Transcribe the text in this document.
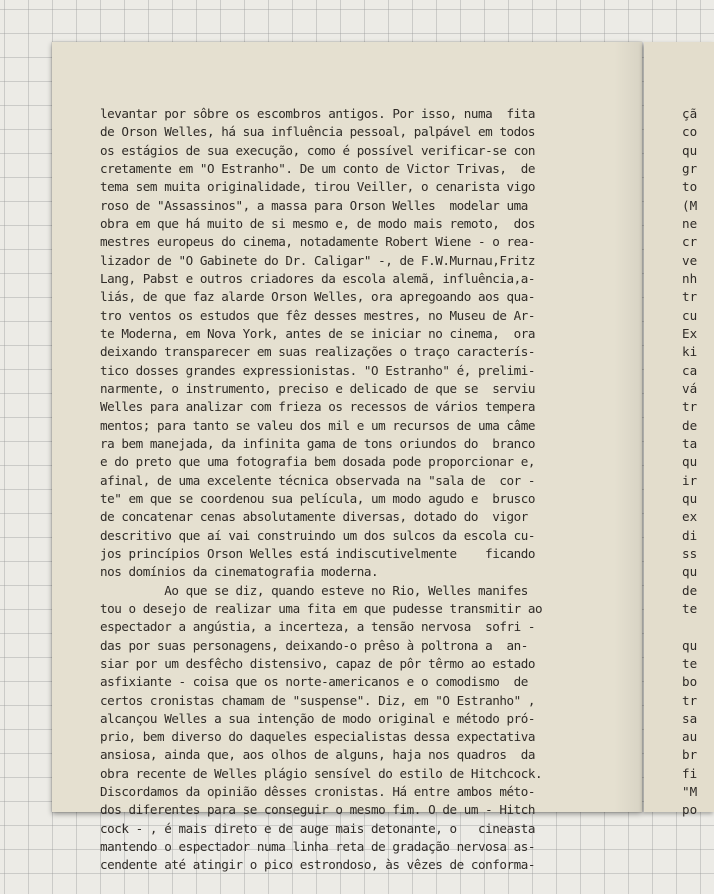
levantar por sôbre os escombros antigos. Por isso, numa  fita
de Orson Welles, há sua influência pessoal, palpável em todos
os estágios de sua execução, como é possível verificar-se con
cretamente em "O Estranho". De um conto de Victor Trivas,  de
tema sem muita originalidade, tirou Veiller, o cenarista vigo
roso de "Assassinos", a massa para Orson Welles  modelar uma
obra em que há muito de si mesmo e, de modo mais remoto,  dos
mestres europeus do cinema, notadamente Robert Wiene - o rea-
lizador de "O Gabinete do Dr. Caligar" -, de F.W.Murnau,Fritz
Lang, Pabst e outros criadores da escola alemã, influência,a-
liás, de que faz alarde Orson Welles, ora apregoando aos qua-
tro ventos os estudos que fêz desses mestres, no Museu de Ar-
te Moderna, em Nova York, antes de se iniciar no cinema,  ora
deixando transparecer em suas realizações o traço caracterís-
tico dosses grandes expressionistas. "O Estranho" é, prelimi-
narmente, o instrumento, preciso e delicado de que se  serviu
Welles para analizar com frieza os recessos de vários tempera
mentos; para tanto se valeu dos mil e um recursos de uma câme
ra bem manejada, da infinita gama de tons oriundos do  branco
e do preto que uma fotografia bem dosada pode proporcionar e,
afinal, de uma excelente técnica observada na "sala de  cor -
te" em que se coordenou sua película, um modo agudo e  brusco
de concatenar cenas absolutamente diversas, dotado do  vigor
descritivo que aí vai construindo um dos sulcos da escola cu-
jos princípios Orson Welles está indiscutivelmente    ficando
nos domínios da cinematografia moderna.
Ao que se diz, quando esteve no Rio, Welles manifes
tou o desejo de realizar uma fita em que pudesse transmitir ao
espectador a angústia, a incerteza, a tensão nervosa  sofri -
das por suas personagens, deixando-o prêso à poltrona a  an-
siar por um desfêcho distensivo, capaz de pôr têrmo ao estado
asfixiante - coisa que os norte-americanos e o comodismo  de
certos cronistas chamam de "suspense". Diz, em "O Estranho" ,
alcançou Welles a sua intenção de modo original e método pró-
prio, bem diverso do daqueles especialistas dessa expectativa
ansiosa, ainda que, aos olhos de alguns, haja nos quadros  da
obra recente de Welles plágio sensível do estilo de Hitchcock.
Discordamos da opinião dêsses cronistas. Há entre ambos méto-
dos diferentes para se conseguir o mesmo fim. O de um - Hitch
cock - , é mais direto e de auge mais detonante, o   cineasta
mantendo o espectador numa linha reta de gradação nervosa as-
cendente até atingir o pico estrondoso, às vêzes de conforma-
çã
co
qu
gr
to
(M
ne
cr
ve
nh
tr
cu
Ex
ki
ca
vá
tr
de
ta
qu
ir
qu
ex
di
ss
qu
de
te
qu
te
bo
tr
sa
au
br
fi
"M
po
